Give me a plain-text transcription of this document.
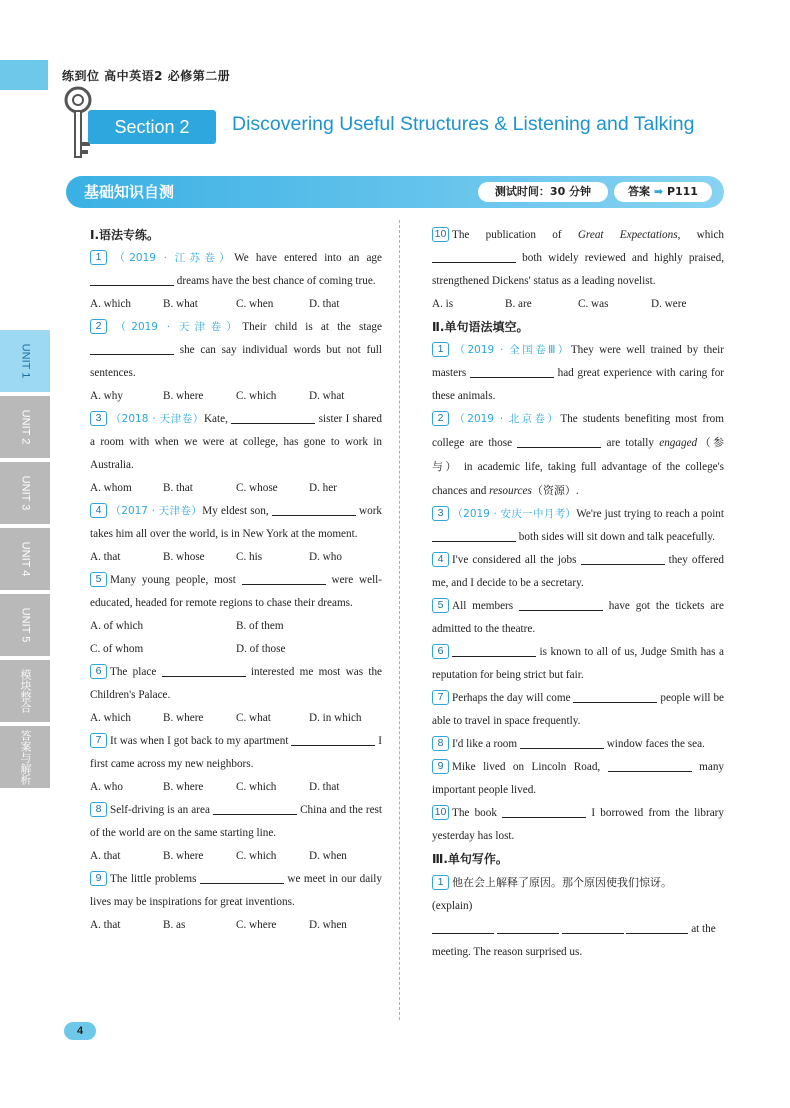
练到位 高中英语2 必修第二册
Section 2	Discovering Useful Structures & Listening and Talking
基础知识自测	测试时间：30 分钟	答案 ➡ P111
UNIT 1
UNIT 2
UNIT 3
UNIT 4
UNIT 5
模块整合
答案与解析
Ⅰ.语法专练。
1 （2019 · 江苏卷）We have entered into an age  dreams have the best chance of coming true.
A. which	B. what	C. when	D. that
2 （2019 · 天津卷）Their child is at the stage  she can say individual words but not full sentences.
A. why	B. where	C. which	D. what
3 （2018 · 天津卷）Kate,	sister I shared a room with when we were at college, has gone to work in Australia.
A. whom	B. that	C. whose	D. her
4 （2017 · 天津卷）My eldest son,	work takes him all over the world, is in New York at the moment.
A. that	B. whose	C. his	D. who
5 Many young people, most	were well-educated, headed for remote regions to chase their dreams.
A. of which	B. of them
C. of whom	D. of those
6 The place	interested me most was the Children's Palace.
A. which	B. where	C. what	D. in which
7 It was when I got back to my apartment	I first came across my new neighbors.
A. who	B. where	C. which	D. that
8 Self-driving is an area	China and the rest of the world are on the same starting line.
A. that	B. where	C. which	D. when
9 The little problems	we meet in our daily lives may be inspirations for great inventions.
A. that	B. as	C. where	D. when
10 The publication of Great Expectations, which  both widely reviewed and highly praised, strengthened Dickens' status as a leading novelist.
A. is	B. are	C. was	D. were
Ⅱ.单句语法填空。
1 （2019 · 全国卷Ⅲ）They were well trained by their masters	had great experience with caring for these animals.
2 （2019 · 北京卷）The students benefiting most from college are those	are totally engaged（参与） in academic life, taking full advantage of the college's chances and resources（资源）.
3 （2019 · 安庆一中月考）We're just trying to reach a point  both sides will sit down and talk peacefully.
4 I've considered all the jobs	they offered me, and I decide to be a secretary.
5 All members	have got the tickets are admitted to the theatre.
6	is known to all of us, Judge Smith has a reputation for being strict but fair.
7 Perhaps the day will come	people will be able to travel in space frequently.
8 I'd like a room	window faces the sea.
9 Mike lived on Lincoln Road,	many important people lived.
10 The book	I borrowed from the library yesterday has lost.
Ⅲ.单句写作。
1 他在会上解释了原因。那个原因使我们惊讶。
(explain)
at the
meeting. The reason surprised us.
4
